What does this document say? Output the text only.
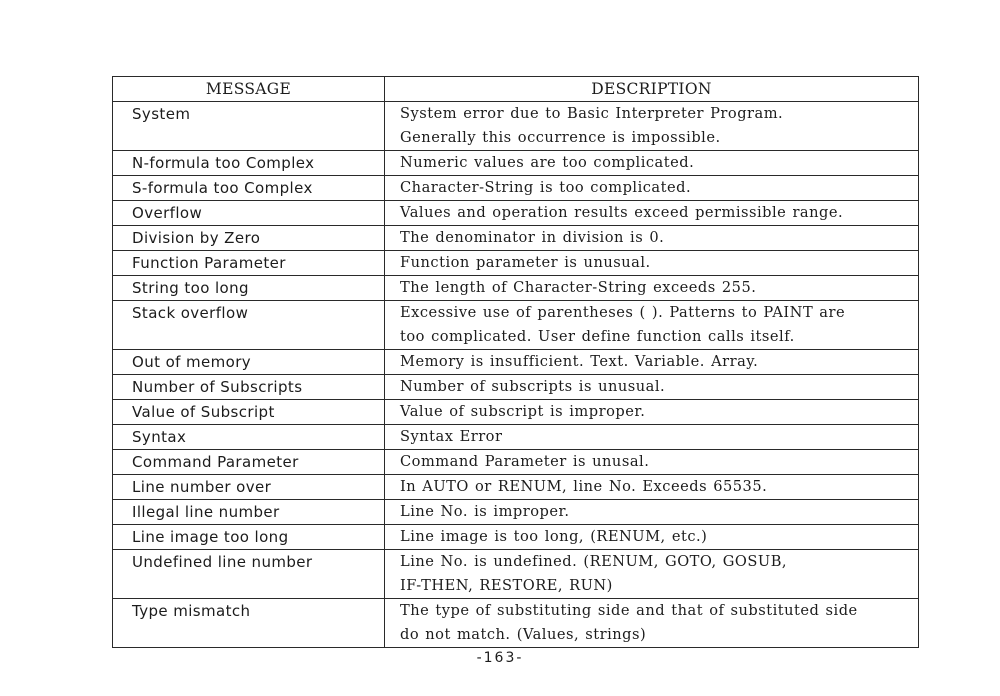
MESSAGE	DESCRIPTION
System	System error due to Basic Interpreter Program.
Generally this occurrence is impossible.

N-formula too Complex	Numeric values are too complicated.

S-formula too Complex	Character-String is too complicated.

Overflow	Values and operation results exceed permissible range.

Division by Zero	The denominator in division is 0.

Function Parameter	Function parameter is unusual.

String too long	The length of Character-String exceeds 255.

Stack overflow	Excessive use of parentheses ( ). Patterns to PAINT are
too complicated. User define function calls itself.

Out of memory	Memory is insufficient. Text. Variable. Array.

Number of Subscripts	Number of subscripts is unusual.

Value of Subscript	Value of subscript is improper.

Syntax	Syntax Error

Command Parameter	Command Parameter is unusal.

Line number over	In AUTO or RENUM, line No. Exceeds 65535.

Illegal line number	Line No. is improper.

Line image too long	Line image is too long, (RENUM, etc.)

Undefined line number	Line No. is undefined. (RENUM, GOTO, GOSUB,
IF-THEN, RESTORE, RUN)

Type mismatch	The type of substituting side and that of substituted side
do not match. (Values, strings)
-163-
